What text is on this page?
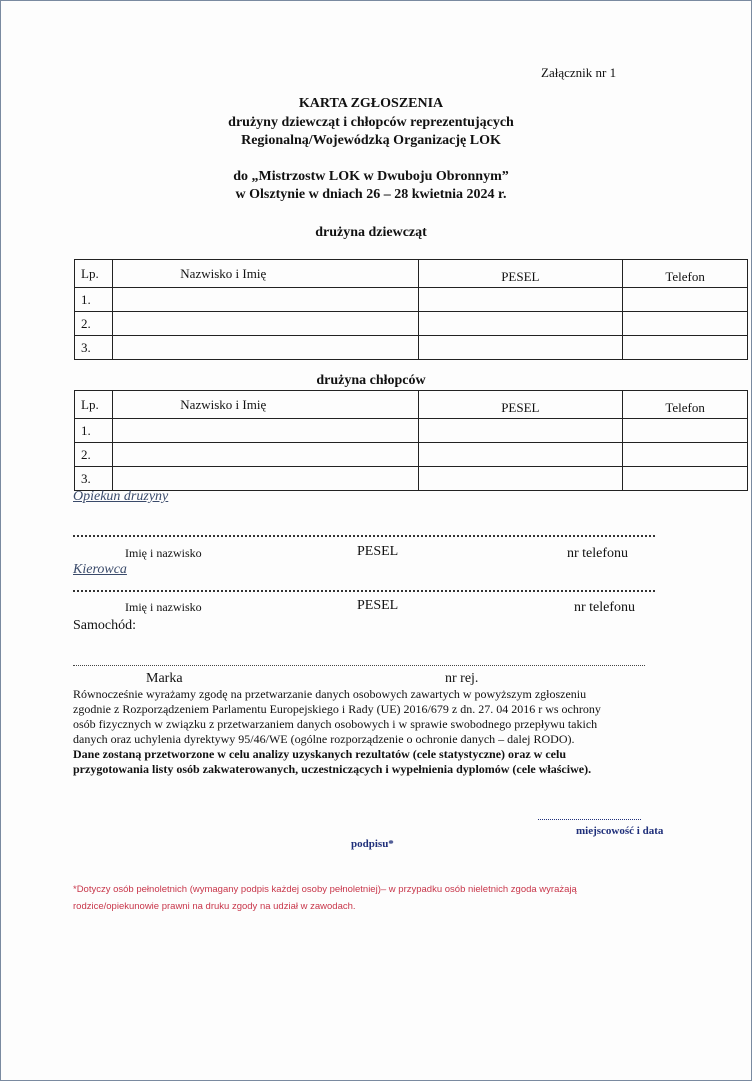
Załącznik nr 1
KARTA ZGŁOSZENIA
drużyny dziewcząt i chłopców reprezentujących
Regionalną/Wojewódzką Organizację LOK
do „Mistrzostw LOK w Dwuboju Obronnym”
w Olsztynie w dniach 26 – 28 kwietnia 2024 r.
drużyna dziewcząt
Lp.	Nazwisko i Imię	PESEL	Telefon
1.			
2.			
3.			
drużyna chłopców
Lp.	Nazwisko i Imię	PESEL	Telefon
1.			
2.			
3.			
Opiekun druzyny
Imię i nazwisko	PESEL	nr telefonu
Kierowca
Imię i nazwisko	PESEL	nr telefonu
Samochód:
Marka	nr rej.
Równocześnie wyrażamy zgodę na przetwarzanie danych osobowych zawartych w powyższym zgłoszeniu
zgodnie z Rozporządzeniem Parlamentu Europejskiego i Rady (UE) 2016/679 z dn. 27. 04 2016 r ws ochrony
osób fizycznych w związku z przetwarzaniem danych osobowych i w sprawie swobodnego przepływu takich
danych oraz uchylenia dyrektywy 95/46/WE (ogólne rozporządzenie o ochronie danych – dalej RODO).
Dane zostaną przetworzone w celu analizy uzyskanych rezultatów (cele statystyczne) oraz w celu
przygotowania listy osób zakwaterowanych, uczestniczących i wypełnienia dyplomów (cele właściwe).
miejscowość i data
podpisu*
*Dotyczy osób pełnoletnich (wymagany podpis każdej osoby pełnoletniej)– w przypadku osób nieletnich zgoda wyrażają
rodzice/opiekunowie prawni na druku zgody na udział w zawodach.
